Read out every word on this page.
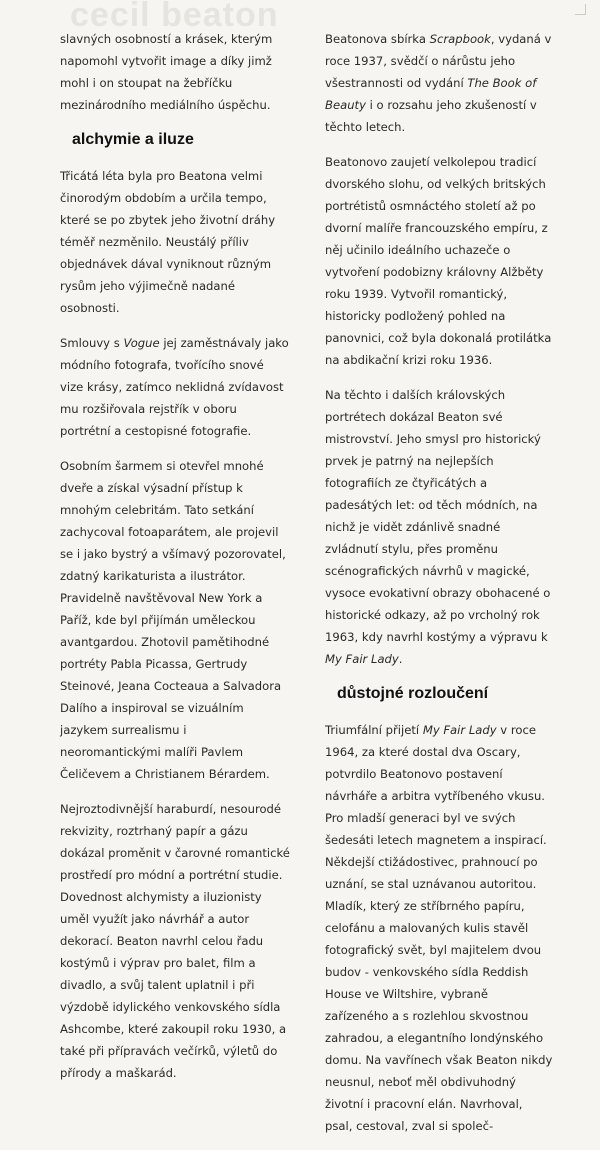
cecil beaton

slavných osobností a krásek, kterým napomohl vytvořit image a díky jimž mohl i on stoupat na žebříčku mezinárodního mediálního úspěchu.

alchymie a iluze

Třicátá léta byla pro Beatona velmi činorodým obdobím a určila tempo, které se po zbytek jeho životní dráhy téměř nezměnilo. Neustálý příliv objednávek dával vyniknout různým rysům jeho výjimečně nadané osobnosti.

Smlouvy s Vogue jej zaměstnávaly jako módního fotografa, tvořícího snové vize krásy, zatímco neklidná zvídavost mu rozšiřovala rejstřík v oboru portrétní a cestopisné fotografie.

Osobním šarmem si otevřel mnohé dveře a získal výsadní přístup k mnohým celebritám. Tato setkání zachycoval fotoaparátem, ale projevil se i jako bystrý a všímavý pozorovatel, zdatný karikaturista a ilustrátor. Pravidelně navštěvoval New York a Paříž, kde byl přijímán uměleckou avantgardou. Zhotovil pamětihodné portréty Pabla Picassa, Gertrudy Steinové, Jeana Cocteaua a Salvadora Dalího a inspiroval se vizuálním jazykem surrealismu i neoromantickými malíři Pavlem Čeličevem a Christianem Bérardem.

Nejroztodivnější haraburdí, nesourodé rekvizity, roztrhaný papír a gázu dokázal proměnit v čarovné romantické prostředí pro módní a portrétní studie. Dovednost alchymisty a iluzionisty uměl využít jako návrhář a autor dekorací. Beaton navrhl celou řadu kostýmů i výprav pro balet, film a divadlo, a svůj talent uplatnil i při výzdobě idylického venkovského sídla Ashcombe, které zakoupil roku 1930, a také při přípravách večírků, výletů do přírody a maškarád.

Beatonova sbírka Scrapbook, vydaná v roce 1937, svědčí o nárůstu jeho všestrannosti od vydání The Book of Beauty i o rozsahu jeho zkušeností v těchto letech.

Beatonovo zaujetí velkolepou tradicí dvorského slohu, od velkých britských portrétistů osmnáctého století až po dvorní malíře francouzského empíru, z něj učinilo ideálního uchazeče o vytvoření podobizny královny Alžběty roku 1939. Vytvořil romantický, historicky podložený pohled na panovnici, což byla dokonalá protilátka na abdikační krizi roku 1936.

Na těchto i dalších královských portrétech dokázal Beaton své mistrovství. Jeho smysl pro historický prvek je patrný na nejlepších fotografiích ze čtyřicátých a padesátých let: od těch módních, na nichž je vidět zdánlivě snadné zvládnutí stylu, přes proměnu scénografických návrhů v magické, vysoce evokativní obrazy obohacené o historické odkazy, až po vrcholný rok 1963, kdy navrhl kostýmy a výpravu k My Fair Lady.

důstojné rozloučení

Triumfální přijetí My Fair Lady v roce 1964, za které dostal dva Oscary, potvrdilo Beatonovo postavení návrháře a arbitra vytříbeného vkusu. Pro mladší generaci byl ve svých šedesáti letech magnetem a inspirací. Někdejší ctižádostivec, prahnoucí po uznání, se stal uznávanou autoritou. Mladík, který ze stříbrného papíru, celofánu a malovaných kulis stavěl fotografický svět, byl majitelem dvou budov - venkovského sídla Reddish House ve Wiltshire, vybraně zařízeného a s rozlehlou skvostnou zahradou, a elegantního londýnského domu. Na vavřínech však Beaton nikdy neusnul, neboť měl obdivuhodný životní i pracovní elán. Navrhoval, psal, cestoval, zval si společ-
